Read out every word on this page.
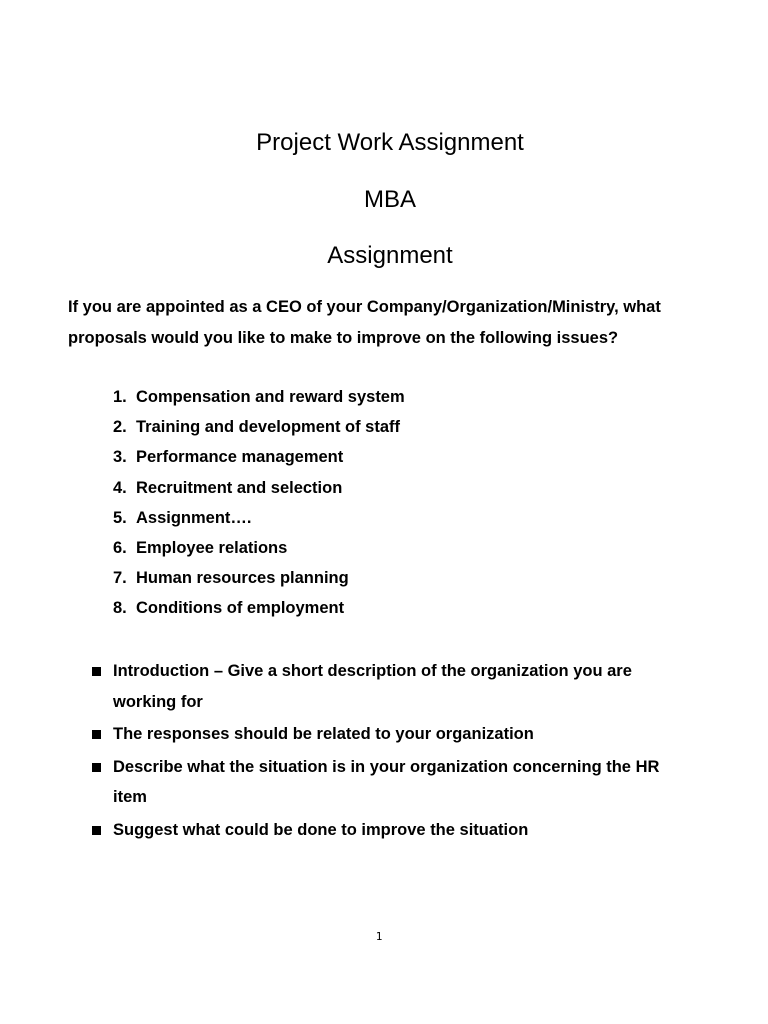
Project Work Assignment
MBA
Assignment

If you are appointed as a CEO of your Company/Organization/Ministry, what proposals would you like to make to improve on the following issues?

1. Compensation and reward system
2. Training and development of staff
3. Performance management
4. Recruitment and selection
5. Assignment….
6. Employee relations
7. Human resources planning
8. Conditions of employment
Introduction – Give a short description of the organization you are working for
The responses should be related to your organization
Describe what the situation is in your organization concerning the HR item
Suggest what could be done to improve the situation
1
